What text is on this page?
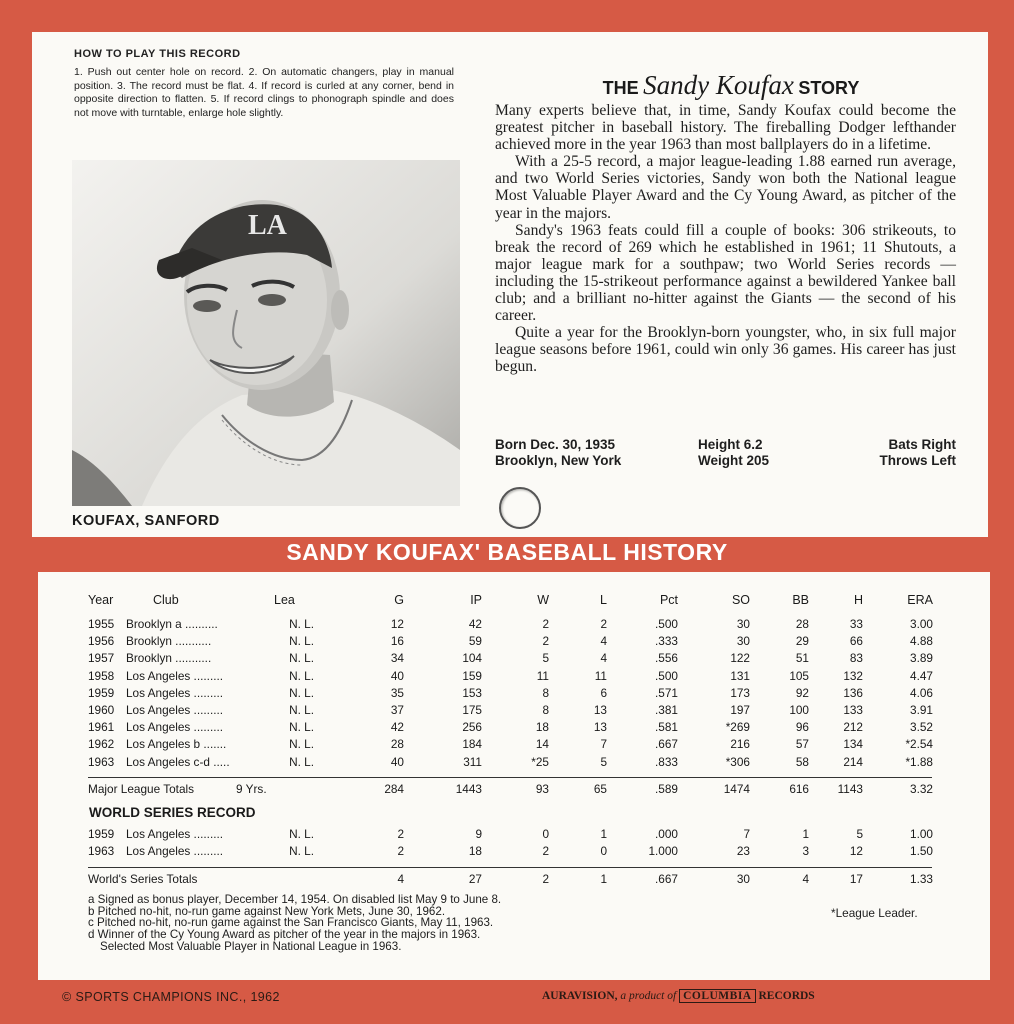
HOW TO PLAY THIS RECORD
1. Push out center hole on record. 2. On automatic changers, play in manual position. 3. The record must be flat. 4. If record is curled at any corner, bend in opposite direction to flatten. 5. If record clings to phonograph spindle and does not move with turntable, enlarge hole slightly.
LA
KOUFAX, SANFORD
THE Sandy Koufax STORY

Many experts believe that, in time, Sandy Koufax could become the greatest pitcher in baseball history. The fireballing Dodger lefthander achieved more in the year 1963 than most ballplayers do in a lifetime.

With a 25-5 record, a major league-leading 1.88 earned run average, and two World Series victories, Sandy won both the National league Most Valuable Player Award and the Cy Young Award, as pitcher of the year in the majors.

Sandy's 1963 feats could fill a couple of books: 306 strikeouts, to break the record of 269 which he established in 1961; 11 Shutouts, a major league mark for a southpaw; two World Series records — including the 15-strikeout performance against a bewildered Yankee ball club; and a brilliant no-hitter against the Giants — the second of his career.

Quite a year for the Brooklyn-born youngster, who, in six full major league seasons before 1961, could win only 36 games. His career has just begun.

Born Dec. 30, 1935	Height 6.2	Bats Right
Brooklyn, New York	Weight 205	Throws Left
SANDY KOUFAX' BASEBALL HISTORY
Year	Club	Lea	G	IP	W	L	Pct	SO	BB	H	ERA
1955 Brooklyn a ..........	N. L.	12	42	2	2	.500	30	28	33	3.00
1956 Brooklyn ...........	N. L.	16	59	2	4	.333	30	29	66	4.88
1957 Brooklyn ...........	N. L.	34	104	5	4	.556	122	51	83	3.89
1958 Los Angeles .........	N. L.	40	159	11	11	.500	131	105	132	4.47
1959 Los Angeles .........	N. L.	35	153	8	6	.571	173	92	136	4.06
1960 Los Angeles .........	N. L.	37	175	8	13	.381	197	100	133	3.91
1961 Los Angeles .........	N. L.	42	256	18	13	.581	*269	96	212	3.52
1962 Los Angeles b .......	N. L.	28	184	14	7	.667	216	57	134	*2.54
1963 Los Angeles c-d .....	N. L.	40	311	*25	5	.833	*306	58	214	*1.88
Major League Totals	9 Yrs.	284	1443	93	65	.589	1474	616 1143	3.32
WORLD SERIES RECORD
1959 Los Angeles .........	N. L.	2	9	0	1	.000	7	1	5	1.00
1963 Los Angeles .........	N. L.	2	18	2	0	1.000	23	3	12	1.50
World's Series Totals	4	27	2	1	.667	30	4	17	1.33
a Signed as bonus player, December 14, 1954. On disabled list May 9 to June 8.
b Pitched no-hit, no-run game against New York Mets, June 30, 1962.
c Pitched no-hit, no-run game against the San Francisco Giants, May 11, 1963.
d Winner of the Cy Young Award as pitcher of the year in the majors in 1963.
Selected Most Valuable Player in National League in 1963.
*League Leader.
© SPORTS CHAMPIONS INC., 1962	AURAVISION, a product of COLUMBIA RECORDS
